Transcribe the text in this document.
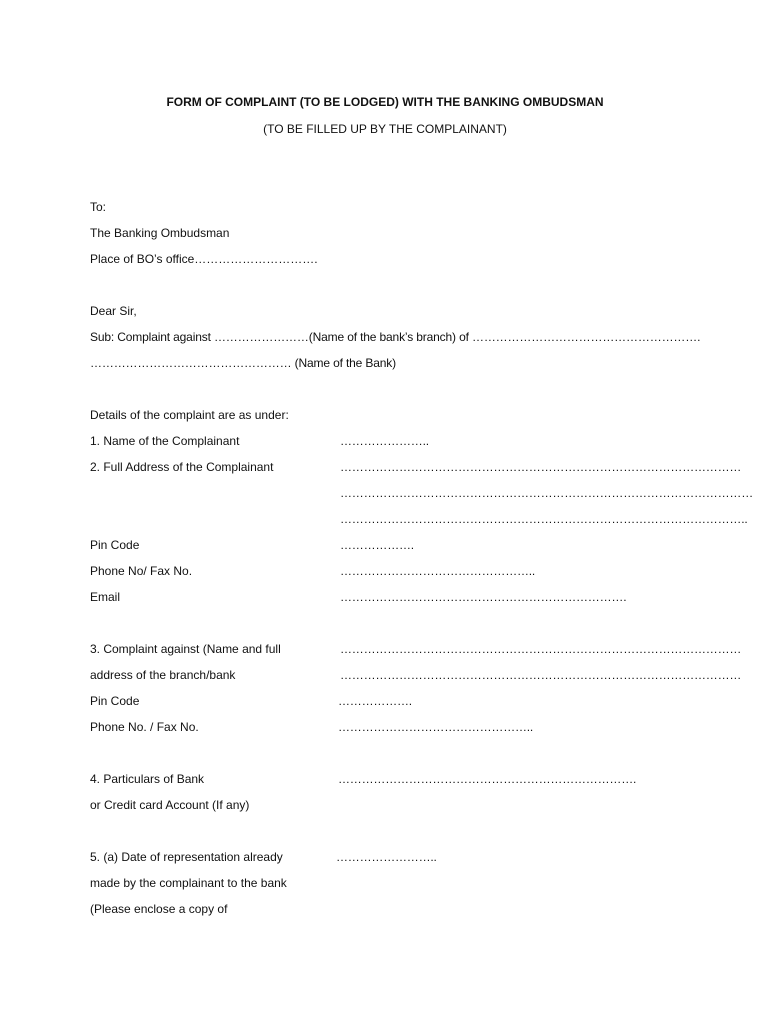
FORM OF COMPLAINT (TO BE LODGED) WITH THE BANKING OMBUDSMAN
(TO BE FILLED UP BY THE COMPLAINANT)
To:
The Banking Ombudsman
Place of BO’s office………………………….
Dear Sir,
Sub: Complaint against ……………………(Name of the bank’s branch) of ………………………………………………….
…………………………………………… (Name of the Bank)
Details of the complaint are as under:
1. Name of the Complainant	…………………..
2. Full Address of the Complainant	…………………………………………………………………………………………
……………………………………………………………………………………………
…………………………………………………………………………………………..
Pin Code	……………….
Phone No/ Fax No.	…………………………………………..
Email	……………………………………………………………….
3. Complaint against (Name and full	…………………………………………………………………………………………
address of the branch/bank	…………………………………………………………………………………………
Pin Code	……………….
Phone No. / Fax No.	…………………………………………..
4. Particulars of Bank	………………………………………………………………….
or Credit card Account (If any)
5. (a) Date of representation already	……………………..
made by the complainant to the bank
(Please enclose a copy of
